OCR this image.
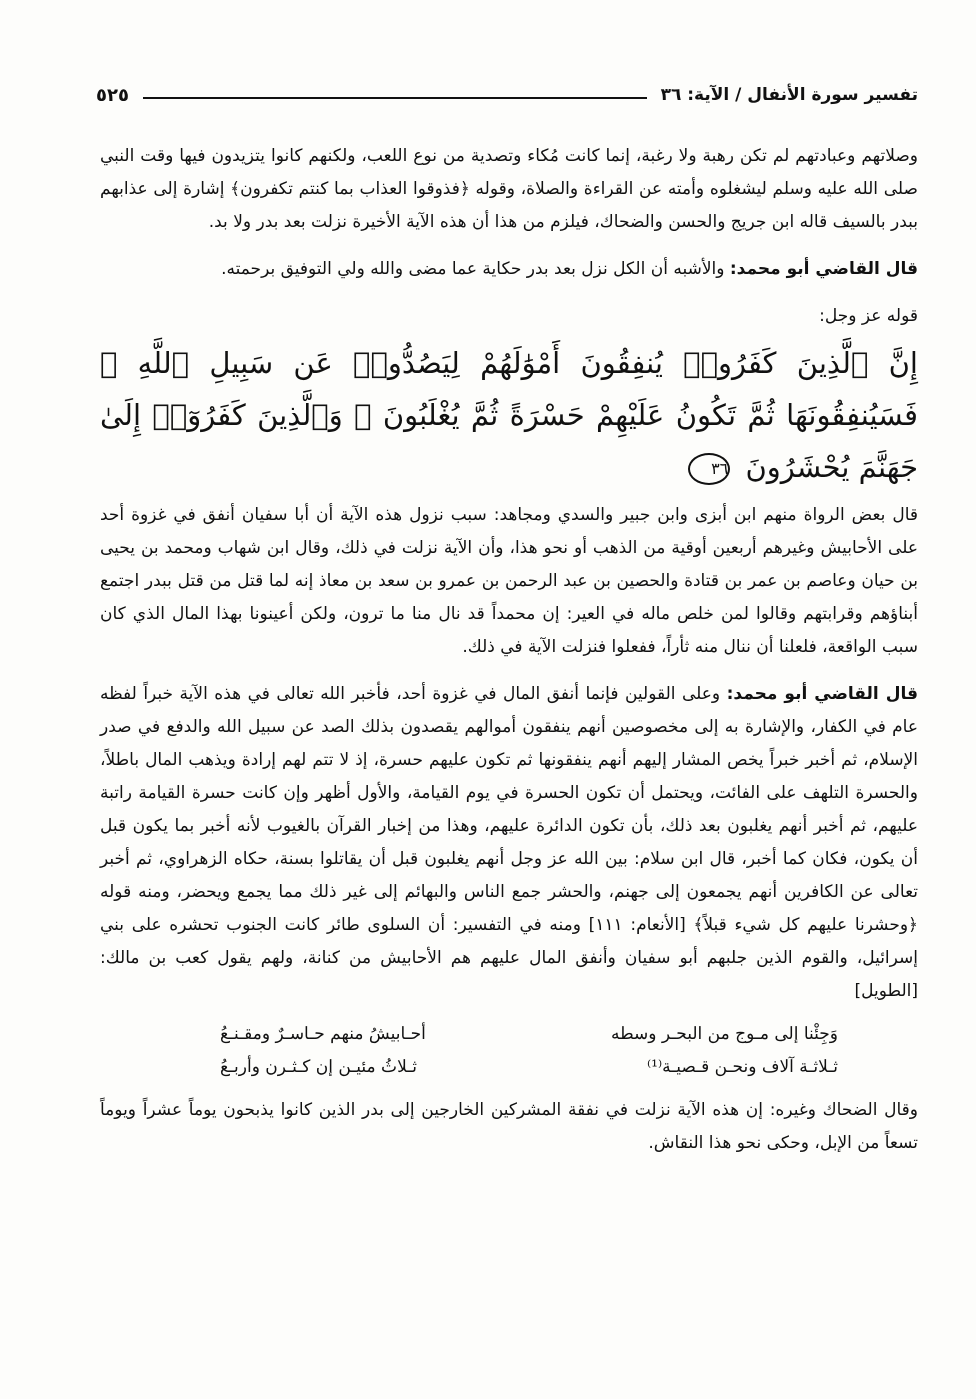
تفسير سورة الأنفال / الآية: ٣٦
٥٢٥

وصلاتهم وعبادتهم لم تكن رهبة ولا رغبة، إنما كانت مُكاء وتصدية من نوع اللعب، ولكنهم كانوا يتزيدون فيها وقت النبي صلى الله عليه وسلم ليشغلوه وأمته عن القراءة والصلاة، وقوله ﴿فذوقوا العذاب بما كنتم تكفرون﴾ إشارة إلى عذابهم ببدر بالسيف قاله ابن جريج والحسن والضحاك، فيلزم من هذا أن هذه الآية الأخيرة نزلت بعد بدر ولا بد.

قال القاضي أبو محمد: والأشبه أن الكل نزل بعد بدر حكاية عما مضى والله ولي التوفيق برحمته.

قوله عز وجل:

إِنَّ ٱلَّذِينَ كَفَرُوا۟ يُنفِقُونَ أَمْوَٰلَهُمْ لِيَصُدُّوا۟ عَن سَبِيلِ ٱللَّهِ ۚ فَسَيُنفِقُونَهَا ثُمَّ تَكُونُ عَلَيْهِمْ حَسْرَةً ثُمَّ يُغْلَبُونَ ۗ وَٱلَّذِينَ كَفَرُوٓا۟ إِلَىٰ جَهَنَّمَ يُحْشَرُونَ ٣٦

قال بعض الرواة منهم ابن أبزى وابن جبير والسدي ومجاهد: سبب نزول هذه الآية أن أبا سفيان أنفق في غزوة أحد على الأحابيش وغيرهم أربعين أوقية من الذهب أو نحو هذا، وأن الآية نزلت في ذلك، وقال ابن شهاب ومحمد بن يحيى بن حيان وعاصم بن عمر بن قتادة والحصين بن عبد الرحمن بن عمرو بن سعد بن معاذ إنه لما قتل من قتل ببدر اجتمع أبناؤهم وقرابتهم وقالوا لمن خلص ماله في العير: إن محمداً قد نال منا ما ترون، ولكن أعينونا بهذا المال الذي كان سبب الواقعة، فلعلنا أن ننال منه ثأراً، ففعلوا فنزلت الآية في ذلك.

قال القاضي أبو محمد: وعلى القولين فإنما أنفق المال في غزوة أحد، فأخبر الله تعالى في هذه الآية خبراً لفظه عام في الكفار، والإشارة به إلى مخصوصين أنهم ينفقون أموالهم يقصدون بذلك الصد عن سبيل الله والدفع في صدر الإسلام، ثم أخبر خبراً يخص المشار إليهم أنهم ينفقونها ثم تكون عليهم حسرة، إذ لا تتم لهم إرادة ويذهب المال باطلاً، والحسرة التلهف على الفائت، ويحتمل أن تكون الحسرة في يوم القيامة، والأول أظهر وإن كانت حسرة القيامة راتبة عليهم، ثم أخبر أنهم يغلبون بعد ذلك، بأن تكون الدائرة عليهم، وهذا من إخبار القرآن بالغيوب لأنه أخبر بما يكون قبل أن يكون، فكان كما أخبر، قال ابن سلام: بين الله عز وجل أنهم يغلبون قبل أن يقاتلوا بسنة، حكاه الزهراوي، ثم أخبر تعالى عن الكافرين أنهم يجمعون إلى جهنم، والحشر جمع الناس والبهائم إلى غير ذلك مما يجمع ويحضر، ومنه قوله ﴿وحشرنا عليهم كل شيء قبلاً﴾ [الأنعام: ١١١] ومنه في التفسير: أن السلوى طائر كانت الجنوب تحشره على بني إسرائيل، والقوم الذين جلبهم أبو سفيان وأنفق المال عليهم هم الأحابيش من كنانة، ولهم يقول كعب بن مالك: [الطويل]

وَجِئْنا إلى مـوج من البحـر وسطه
أحـابيشُ منهم حـاسـرٌ ومقـنـعُ
ثـلاثـة آلاف ونحـن قـصيـة⁽¹⁾
ثـلاثُ مئيـن إن كـثـرن وأربـعُ

وقال الضحاك وغيره: إن هذه الآية نزلت في نفقة المشركين الخارجين إلى بدر الذين كانوا يذبحون يوماً عشراً ويوماً تسعاً من الإبل، وحكى نحو هذا النقاش.
